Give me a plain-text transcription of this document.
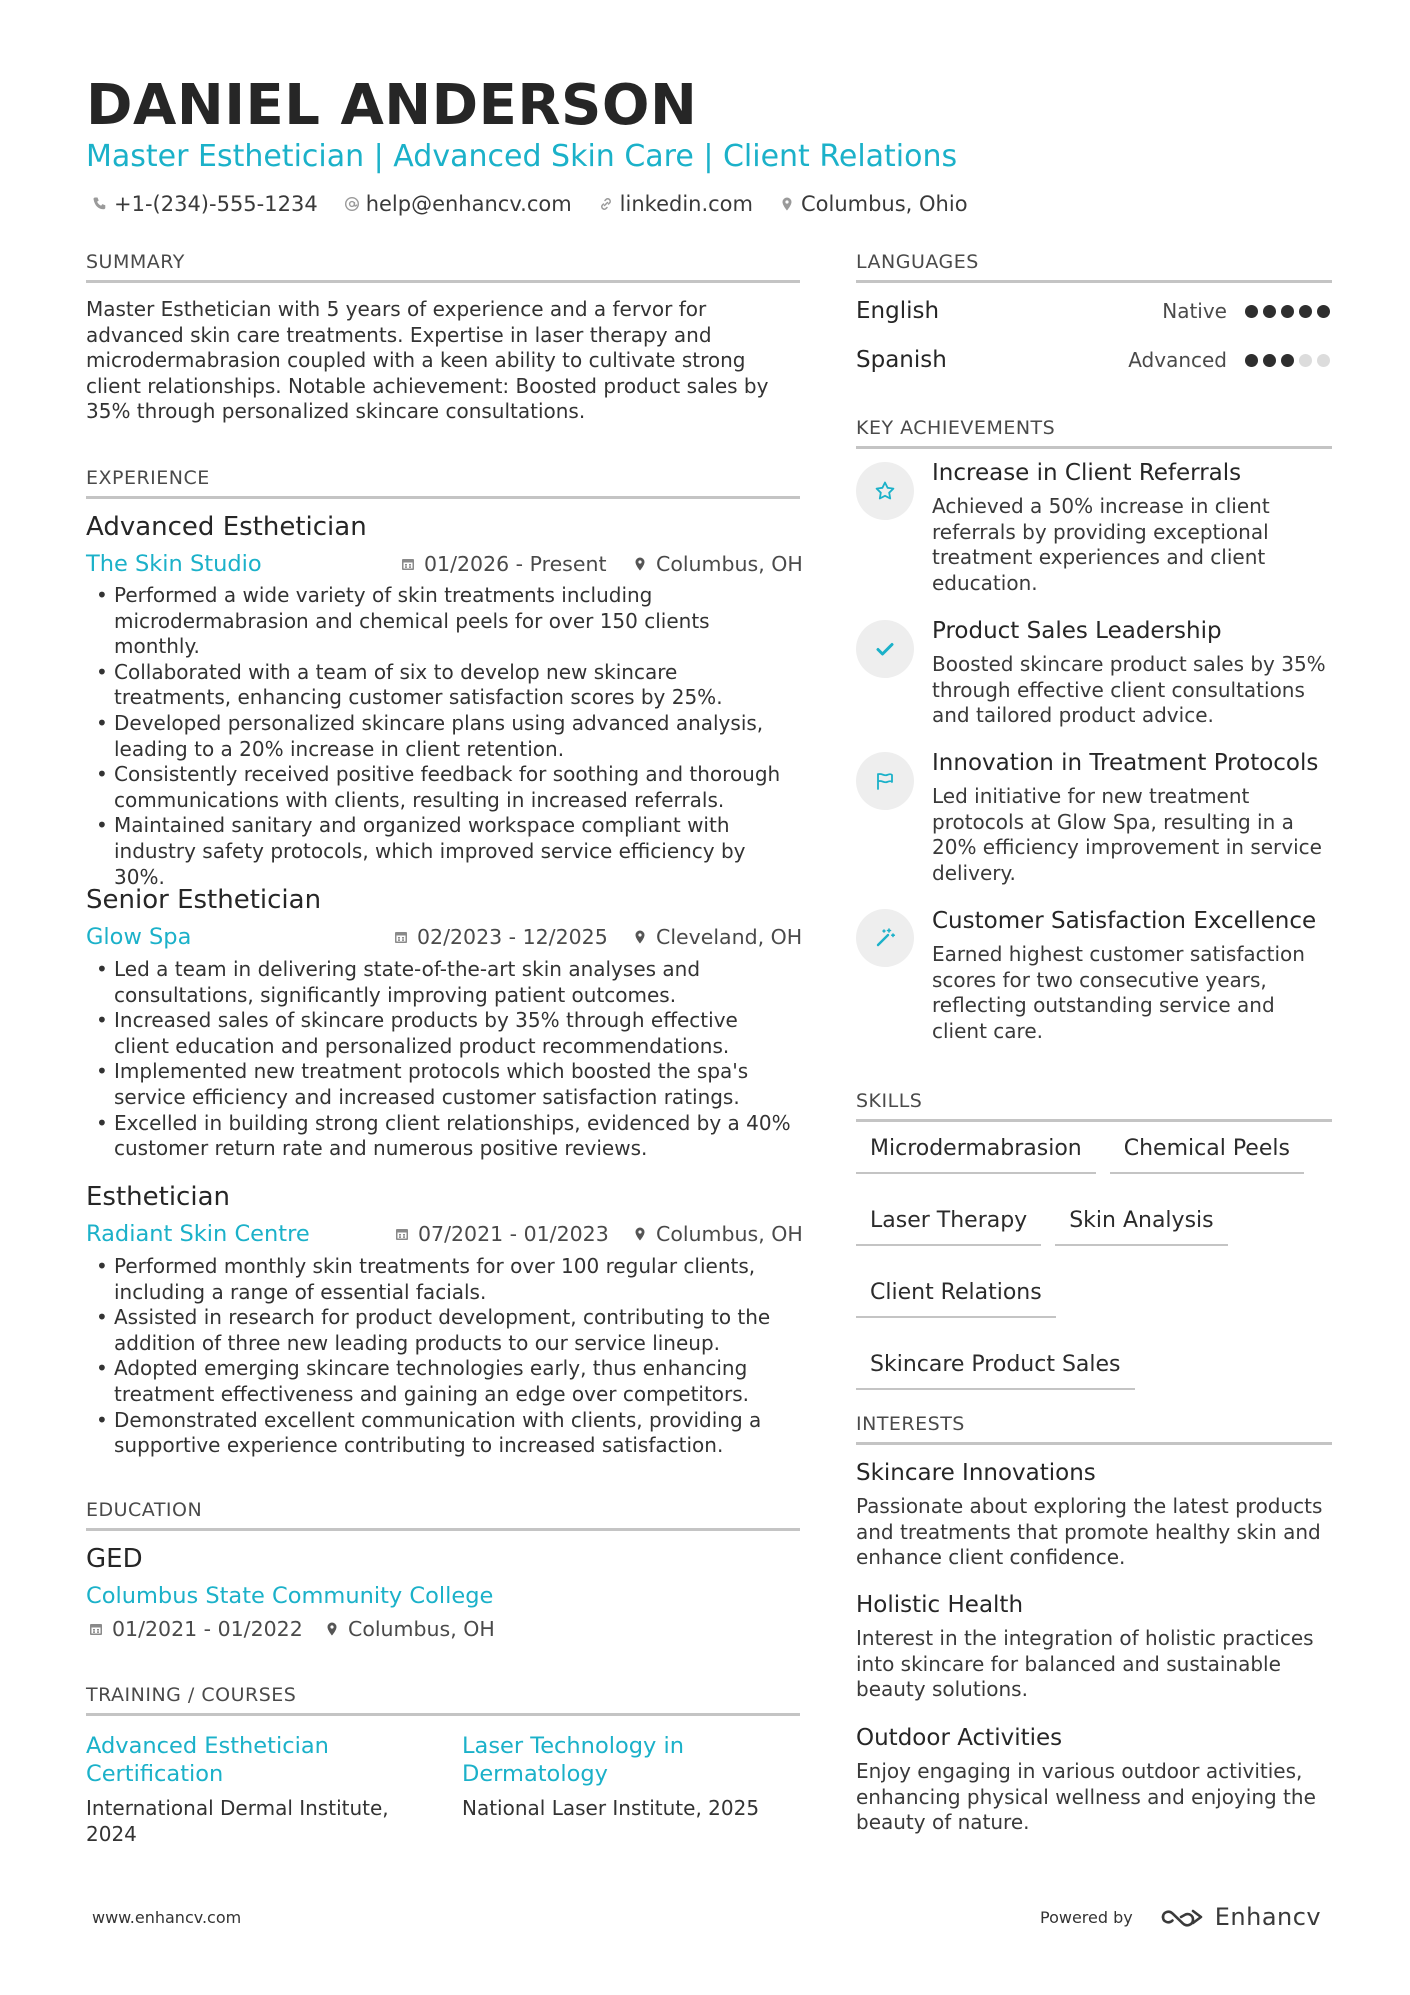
DANIEL ANDERSON
Master Esthetician | Advanced Skin Care | Client Relations
+1-(234)-555-1234 help@enhancv.com linkedin.com Columbus, Ohio
SUMMARY
Master Esthetician with 5 years of experience and a fervor for advanced skin care treatments. Expertise in laser therapy and microdermabrasion coupled with a keen ability to cultivate strong client relationships. Notable achievement: Boosted product sales by 35% through personalized skincare consultations.
EXPERIENCE
Advanced Esthetician
The Skin Studio	01/2026 - Present Columbus, OH
• Performed a wide variety of skin treatments including microdermabrasion and chemical peels for over 150 clients monthly.
• Collaborated with a team of six to develop new skincare treatments, enhancing customer satisfaction scores by 25%.
• Developed personalized skincare plans using advanced analysis, leading to a 20% increase in client retention.
• Consistently received positive feedback for soothing and thorough communications with clients, resulting in increased referrals.
• Maintained sanitary and organized workspace compliant with industry safety protocols, which improved service efficiency by 30%.
Senior Esthetician
Glow Spa	02/2023 - 12/2025 Cleveland, OH
• Led a team in delivering state-of-the-art skin analyses and consultations, significantly improving patient outcomes.
• Increased sales of skincare products by 35% through effective client education and personalized product recommendations.
• Implemented new treatment protocols which boosted the spa's service efficiency and increased customer satisfaction ratings.
• Excelled in building strong client relationships, evidenced by a 40% customer return rate and numerous positive reviews.
Esthetician
Radiant Skin Centre	07/2021 - 01/2023 Columbus, OH
• Performed monthly skin treatments for over 100 regular clients, including a range of essential facials.
• Assisted in research for product development, contributing to the addition of three new leading products to our service lineup.
• Adopted emerging skincare technologies early, thus enhancing treatment effectiveness and gaining an edge over competitors.
• Demonstrated excellent communication with clients, providing a supportive experience contributing to increased satisfaction.
EDUCATION
GED
Columbus State Community College
01/2021 - 01/2022 Columbus, OH
TRAINING / COURSES
Advanced Esthetician Certification
International Dermal Institute, 2024
Laser Technology in Dermatology
National Laser Institute, 2025
LANGUAGES
English	Native
Spanish	Advanced
KEY ACHIEVEMENTS
Increase in Client Referrals
Achieved a 50% increase in client referrals by providing exceptional treatment experiences and client education.
Product Sales Leadership
Boosted skincare product sales by 35% through effective client consultations and tailored product advice.
Innovation in Treatment Protocols
Led initiative for new treatment protocols at Glow Spa, resulting in a 20% efficiency improvement in service delivery.
Customer Satisfaction Excellence
Earned highest customer satisfaction scores for two consecutive years, reflecting outstanding service and client care.
SKILLS
Microdermabrasion	Chemical Peels
Laser Therapy	Skin Analysis
Client Relations
Skincare Product Sales
INTERESTS
Skincare Innovations
Passionate about exploring the latest products and treatments that promote healthy skin and enhance client confidence.
Holistic Health
Interest in the integration of holistic practices into skincare for balanced and sustainable beauty solutions.
Outdoor Activities
Enjoy engaging in various outdoor activities, enhancing physical wellness and enjoying the beauty of nature.
www.enhancv.com	Powered by	Enhancv
